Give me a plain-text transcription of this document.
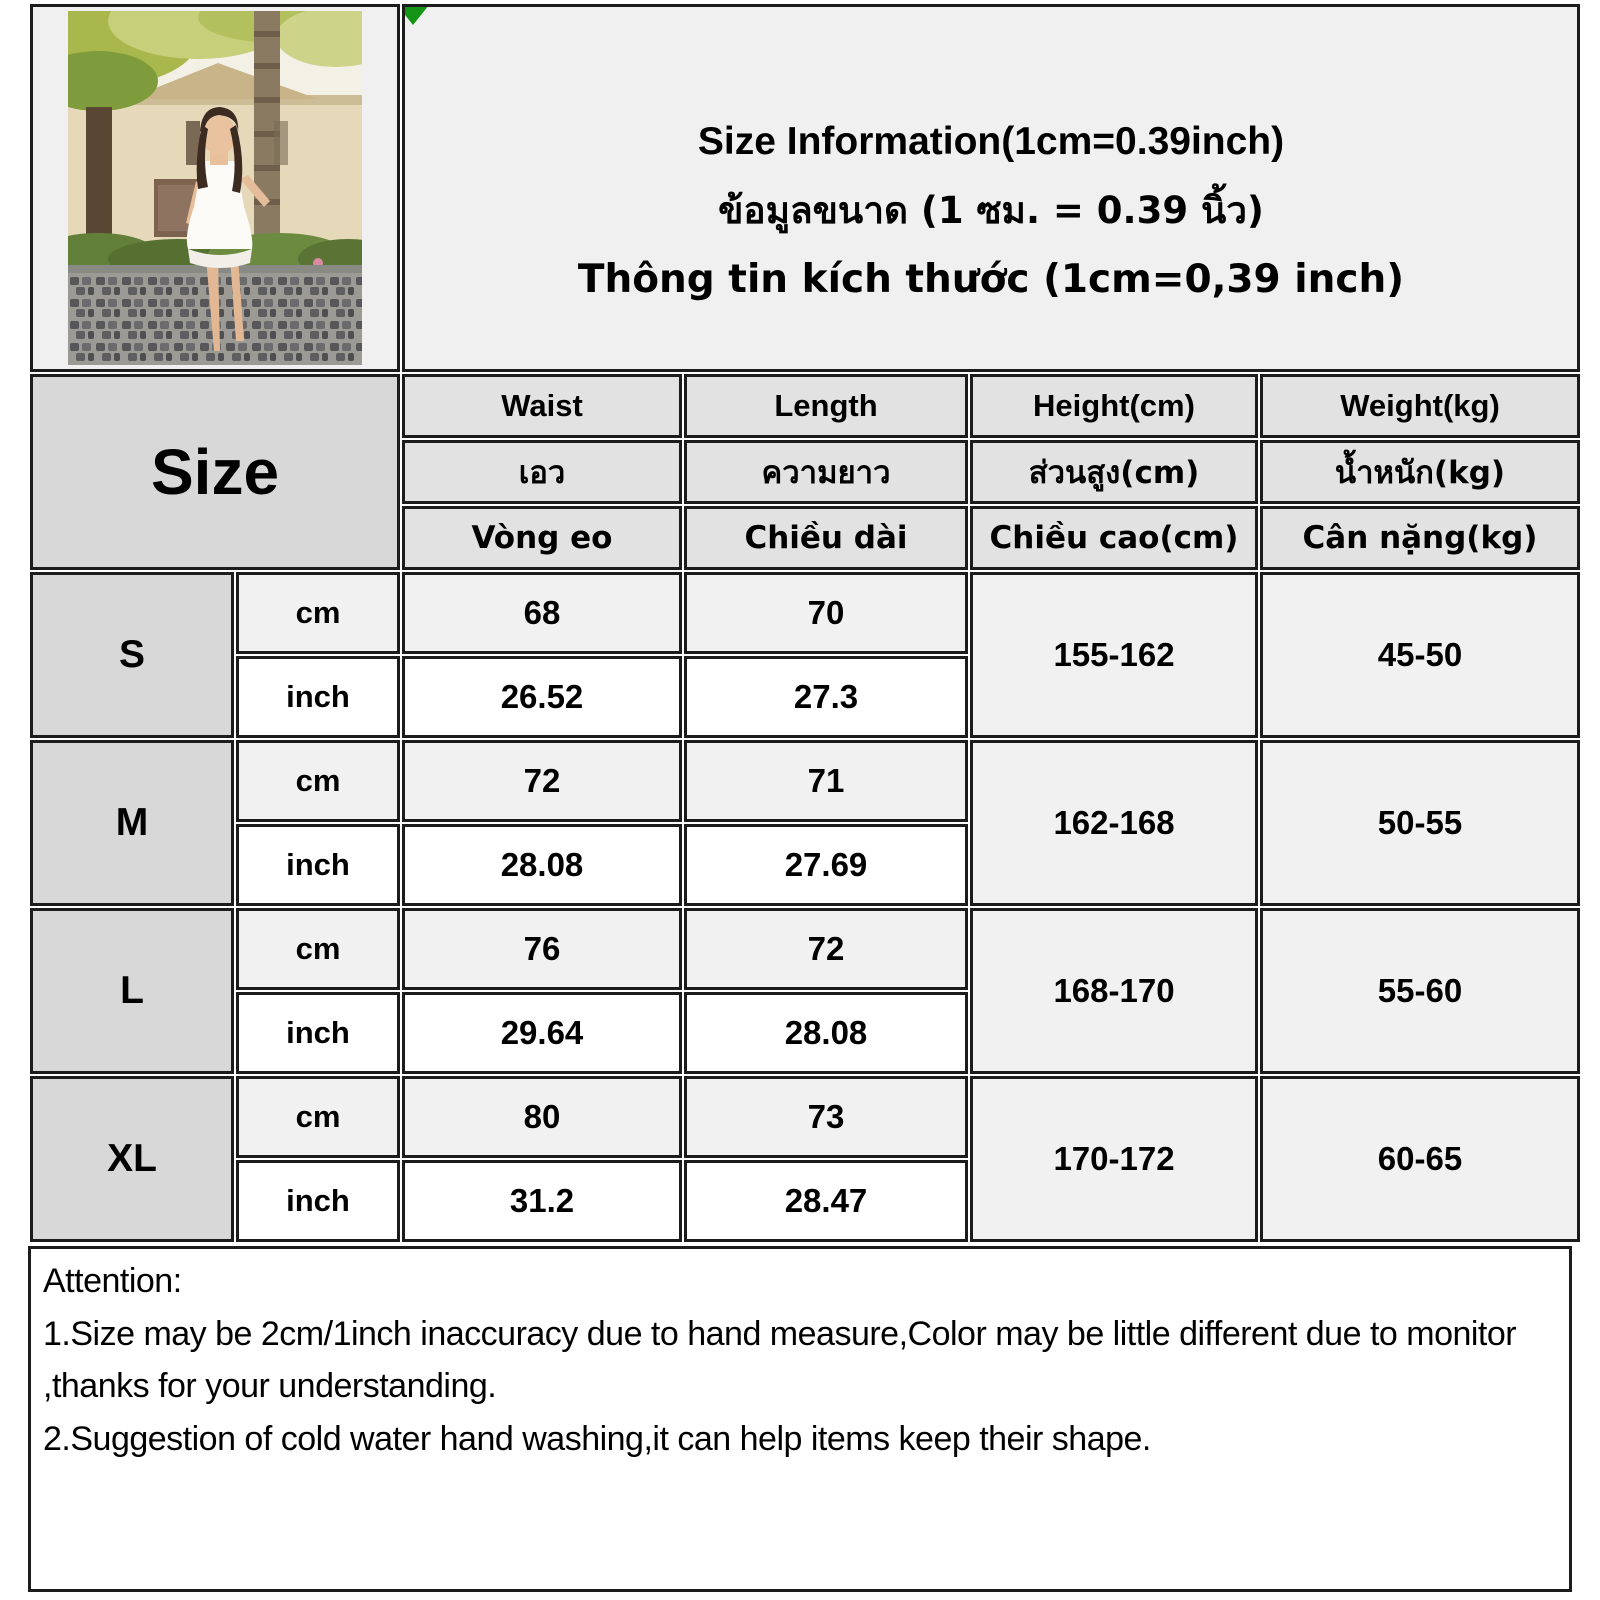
Size Information(1cm=0.39inch)
ข้อมูลขนาด (1 ซม. = 0.39 นิ้ว)
Thông tin kích thước (1cm=0,39 inch)			

Size		Waist	Length	Height(cm)	Weight(kg)
		เอว	ความยาว	ส่วนสูง(cm)	น้ำหนัก(kg)
		Vòng eo	Chiều dài	Chiều cao(cm)	Cân nặng(kg)
S	cm	68	70	155-162	45-50
	inch	26.52	27.3		
M	cm	72	71	162-168	50-55
	inch	28.08	27.69		
L	cm	76	72	168-170	55-60
	inch	29.64	28.08		
XL	cm	80	73	170-172	60-65
	inch	31.2	28.47		
Attention:
1.Size may be 2cm/1inch inaccuracy due to hand measure,Color may be little different due to monitor ,thanks for your understanding.
2.Suggestion of cold water hand washing,it can help items keep their shape.
